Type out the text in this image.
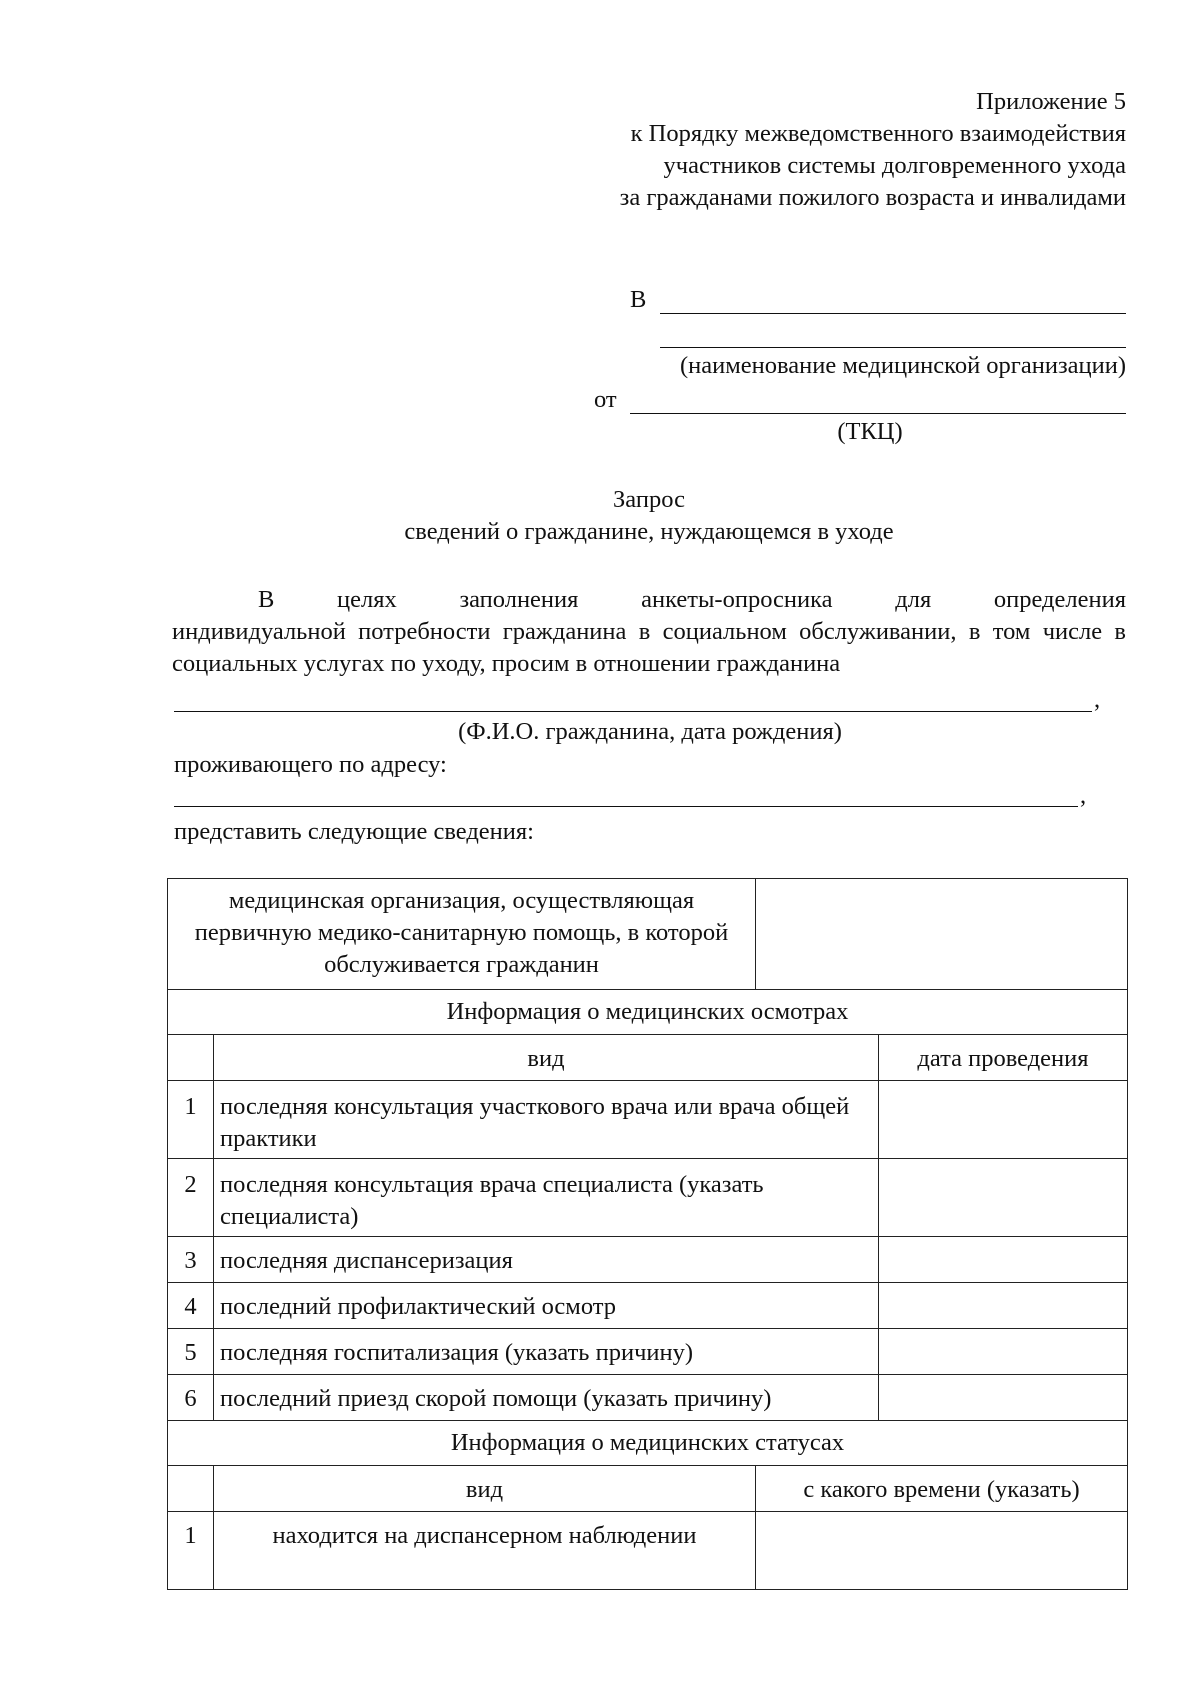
Приложение 5
к Порядку межведомственного взаимодействия
участников системы долговременного ухода
за гражданами пожилого возраста и инвалидами
В
(наименование медицинской организации)
от
(ТКЦ)
Запрос
сведений о гражданине, нуждающемся в уходе
В целях заполнения анкеты-опросника для определения
индивидуальной потребности гражданина в социальном обслуживании, в том числе в социальных услугах по уходу, просим в отношении гражданина
,
(Ф.И.О. гражданина, дата рождения)
проживающего по адресу:
,
представить следующие сведения:
медицинская организация, осуществляющая первичную медико-санитарную помощь, в которой обслуживается гражданин			
Информация о медицинских осмотрах			
	вид		дата проведения
1	последняя консультация участкового врача или врача общей практики		
2	последняя консультация врача специалиста (указать специалиста)		
3	последняя диспансеризация		
4	последний профилактический осмотр		
5	последняя госпитализация (указать причину)		
6	последний приезд скорой помощи (указать причину)		
Информация о медицинских статусах			
	вид	с какого времени (указать)	
1	находится на диспансерном наблюдении		
